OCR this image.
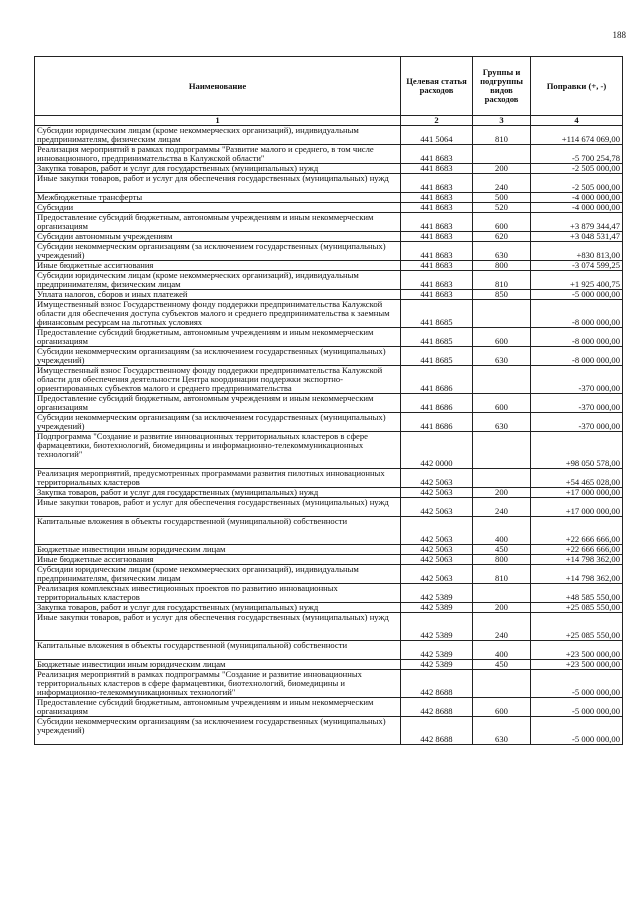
188
Наименование	Целевая статья расходов	Группы и подгруппы видов расходов	Поправки (+, -)
1	2	3	4
Субсидии юридическим лицам (кроме некоммерческих организаций), индивидуальным предпринимателям, физическим лицам	441 5064	810	+114 674 069,00
Реализация мероприятий в рамках подпрограммы "Развитие малого и среднего, в том числе инновационного, предпринимательства в Калужской области"	441 8683		-5 700 254,78
Закупка товаров, работ и услуг для государственных (муниципальных) нужд	441 8683	200	-2 505 000,00
Иные закупки товаров, работ и услуг для обеспечения государственных (муниципальных) нужд	441 8683	240	-2 505 000,00
Межбюджетные трансферты	441 8683	500	-4 000 000,00
Субсидии	441 8683	520	-4 000 000,00
Предоставление субсидий бюджетным, автономным учреждениям и иным некоммерческим организациям	441 8683	600	+3 879 344,47
Субсидии автономным учреждениям	441 8683	620	+3 048 531,47
Субсидии некоммерческим организациям (за исключением государственных (муниципальных) учреждений)	441 8683	630	+830 813,00
Иные бюджетные ассигнования	441 8683	800	-3 074 599,25
Субсидии юридическим лицам (кроме некоммерческих организаций), индивидуальным предпринимателям, физическим лицам	441 8683	810	+1 925 400,75
Уплата налогов, сборов и иных платежей	441 8683	850	-5 000 000,00
Имущественный взнос Государственному фонду поддержки предпринимательства Калужской области для обеспечения доступа субъектов малого и среднего предпринимательства к заемным финансовым ресурсам на льготных условиях	441 8685		-8 000 000,00
Предоставление субсидий бюджетным, автономным учреждениям и иным некоммерческим организациям	441 8685	600	-8 000 000,00
Субсидии некоммерческим организациям (за исключением государственных (муниципальных) учреждений)	441 8685	630	-8 000 000,00
Имущественный взнос Государственному фонду поддержки предпринимательства Калужской области для обеспечения деятельности Центра координации поддержки экспортно-ориентированных субъектов малого и среднего предпринимательства	441 8686		-370 000,00
Предоставление субсидий бюджетным, автономным учреждениям и иным некоммерческим организациям	441 8686	600	-370 000,00
Субсидии некоммерческим организациям (за исключением государственных (муниципальных) учреждений)	441 8686	630	-370 000,00
Подпрограмма "Создание и развитие инновационных территориальных кластеров в сфере фармацевтики, биотехнологий, биомедицины и информационно-телекоммуникационных технологий"	442 0000		+98 050 578,00
Реализация мероприятий, предусмотренных программами развития пилотных инновационных территориальных кластеров	442 5063		+54 465 028,00
Закупка товаров, работ и услуг для государственных (муниципальных) нужд	442 5063	200	+17 000 000,00
Иные закупки товаров, работ и услуг для обеспечения государственных (муниципальных) нужд	442 5063	240	+17 000 000,00
Капитальные вложения в объекты государственной (муниципальной) собственности	442 5063	400	+22 666 666,00
Бюджетные инвестиции иным юридическим лицам	442 5063	450	+22 666 666,00
Иные бюджетные ассигнования	442 5063	800	+14 798 362,00
Субсидии юридическим лицам (кроме некоммерческих организаций), индивидуальным предпринимателям, физическим лицам	442 5063	810	+14 798 362,00
Реализация комплексных инвестиционных проектов по развитию инновационных территориальных кластеров	442 5389		+48 585 550,00
Закупка товаров, работ и услуг для государственных (муниципальных) нужд	442 5389	200	+25 085 550,00
Иные закупки товаров, работ и услуг для обеспечения государственных (муниципальных) нужд	442 5389	240	+25 085 550,00
Капитальные вложения в объекты государственной (муниципальной) собственности	442 5389	400	+23 500 000,00
Бюджетные инвестиции иным юридическим лицам	442 5389	450	+23 500 000,00
Реализация мероприятий в рамках подпрограммы "Создание и развитие инновационных территориальных кластеров в сфере фармацевтики, биотехнологий, биомедицины и информационно-телекоммуникационных технологий"	442 8688		-5 000 000,00
Предоставление субсидий бюджетным, автономным учреждениям и иным некоммерческим организациям	442 8688	600	-5 000 000,00
Субсидии некоммерческим организациям (за исключением государственных (муниципальных) учреждений)	442 8688	630	-5 000 000,00
